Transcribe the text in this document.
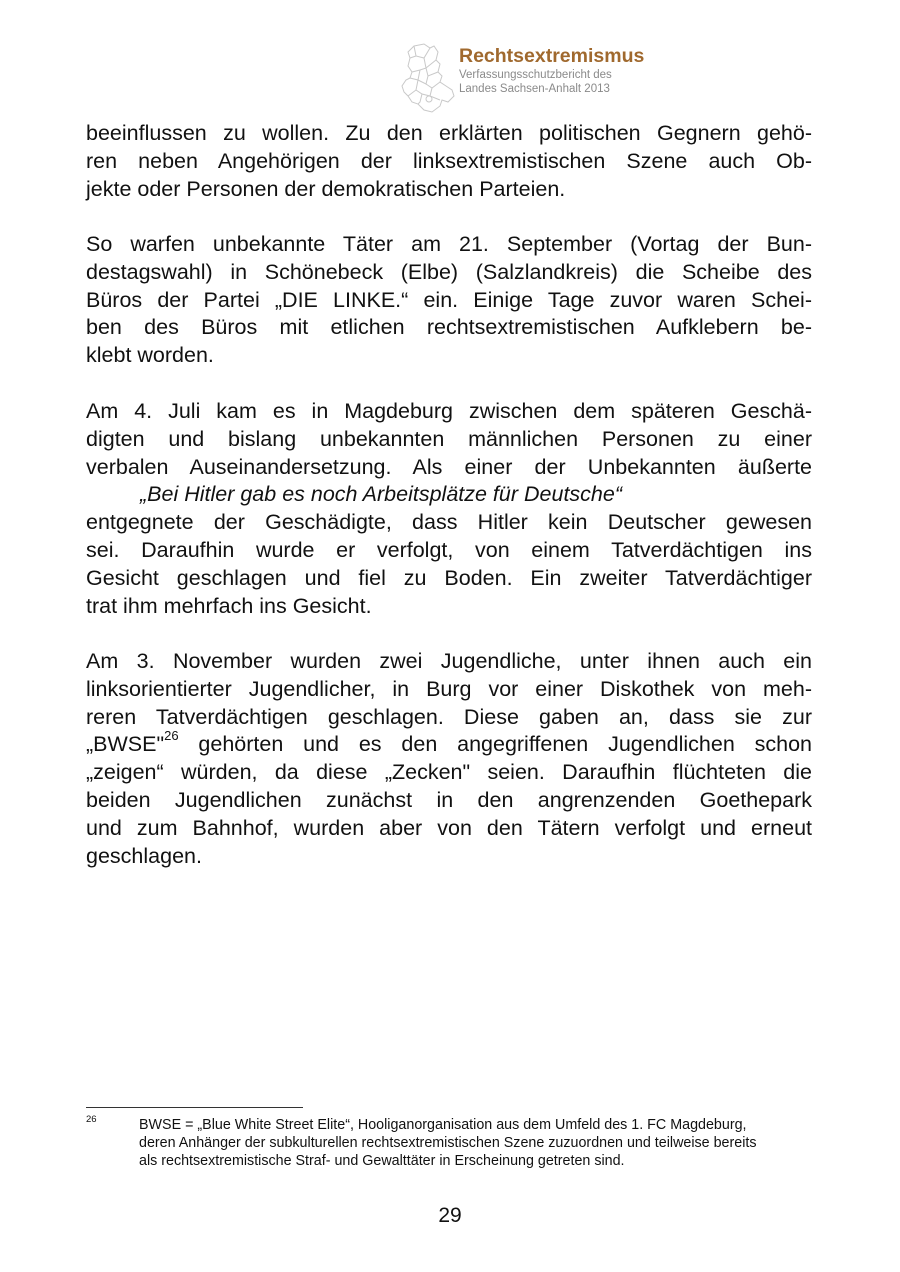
Rechtsextremismus
Verfassungsschutzbericht des
Landes Sachsen-Anhalt 2013
beeinflussen zu wollen. Zu den erklärten politischen Gegnern gehö-
ren neben Angehörigen der linksextremistischen Szene auch Ob-
jekte oder Personen der demokratischen Parteien.
So warfen unbekannte Täter am 21. September (Vortag der Bun-
destagswahl) in Schönebeck (Elbe) (Salzlandkreis) die Scheibe des
Büros der Partei „DIE LINKE.“ ein. Einige Tage zuvor waren Schei-
ben des Büros mit etlichen rechtsextremistischen Aufklebern be-
klebt worden.
Am 4. Juli kam es in Magdeburg zwischen dem späteren Geschä-
digten und bislang unbekannten männlichen Personen zu einer
verbalen Auseinandersetzung. Als einer der Unbekannten äußerte
„Bei Hitler gab es noch Arbeitsplätze für Deutsche“
entgegnete der Geschädigte, dass Hitler kein Deutscher gewesen
sei. Daraufhin wurde er verfolgt, von einem Tatverdächtigen ins
Gesicht geschlagen und fiel zu Boden. Ein zweiter Tatverdächtiger
trat ihm mehrfach ins Gesicht.
Am 3. November wurden zwei Jugendliche, unter ihnen auch ein
linksorientierter Jugendlicher, in Burg vor einer Diskothek von meh-
reren Tatverdächtigen geschlagen. Diese gaben an, dass sie zur
„BWSE"$^{26}$ gehörten und es den angegriffenen Jugendlichen schon
„zeigen“ würden, da diese „Zecken" seien. Daraufhin flüchteten die
beiden Jugendlichen zunächst in den angrenzenden Goethepark
und zum Bahnhof, wurden aber von den Tätern verfolgt und erneut
geschlagen.
26	BWSE = „Blue White Street Elite“, Hooliganorganisation aus dem Umfeld des 1. FC Magdeburg,
deren Anhänger der subkulturellen rechtsextremistischen Szene zuzuordnen und teilweise bereits
als rechtsextremistische Straf- und Gewalttäter in Erscheinung getreten sind.
29
